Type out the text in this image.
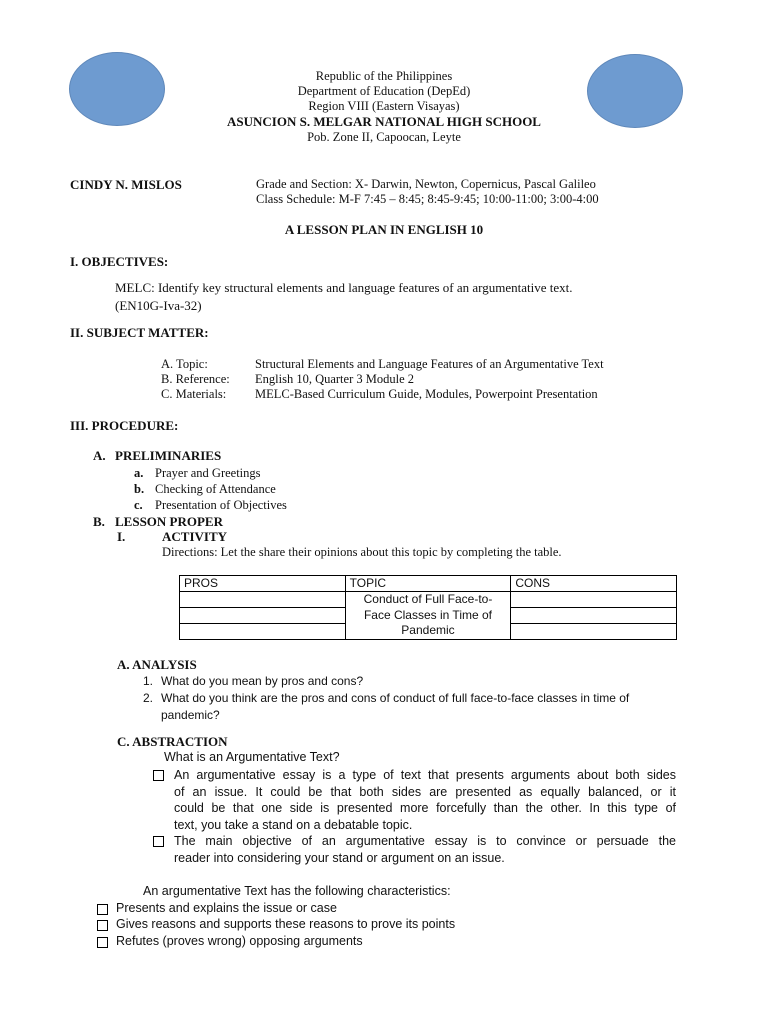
Republic of the Philippines
Department of Education (DepEd)
Region VIII (Eastern Visayas)
ASUNCION S. MELGAR NATIONAL HIGH SCHOOL
Pob. Zone II, Capoocan, Leyte
CINDY N. MISLOS	Grade and Section: X- Darwin, Newton, Copernicus, Pascal Galileo
Class Schedule: M-F 7:45 – 8:45; 8:45-9:45; 10:00-11:00; 3:00-4:00
A LESSON PLAN IN ENGLISH 10
I. OBJECTIVES:
MELC: Identify key structural elements and language features of an argumentative text.
(EN10G-Iva-32)
II. SUBJECT MATTER:
A. Topic:	Structural Elements and Language Features of an Argumentative Text
B. Reference: English 10, Quarter 3 Module 2
C. Materials: MELC-Based Curriculum Guide, Modules, Powerpoint Presentation
III. PROCEDURE:
A. PRELIMINARIES
a. Prayer and Greetings
b. Checking of Attendance
c. Presentation of Objectives
B. LESSON PROPER
I.	ACTIVITY
Directions: Let the share their opinions about this topic by completing the table.
PROS	TOPIC	CONS

	Conduct of Full Face-to-
Face Classes in Time of
Pandemic	

A. ANALYSIS
1. What do you mean by pros and cons?
2. What do you think are the pros and cons of conduct of full face-to-face classes in time of
pandemic?
C. ABSTRACTION
What is an Argumentative Text?
An argumentative essay is a type of text that presents arguments about both sides
of an issue. It could be that both sides are presented as equally balanced, or it
could be that one side is presented more forcefully than the other. In this type of
text, you take a stand on a debatable topic.
The main objective of an argumentative essay is to convince or persuade the
reader into considering your stand or argument on an issue.
An argumentative Text has the following characteristics:
Presents and explains the issue or case
Gives reasons and supports these reasons to prove its points
Refutes (proves wrong) opposing arguments
